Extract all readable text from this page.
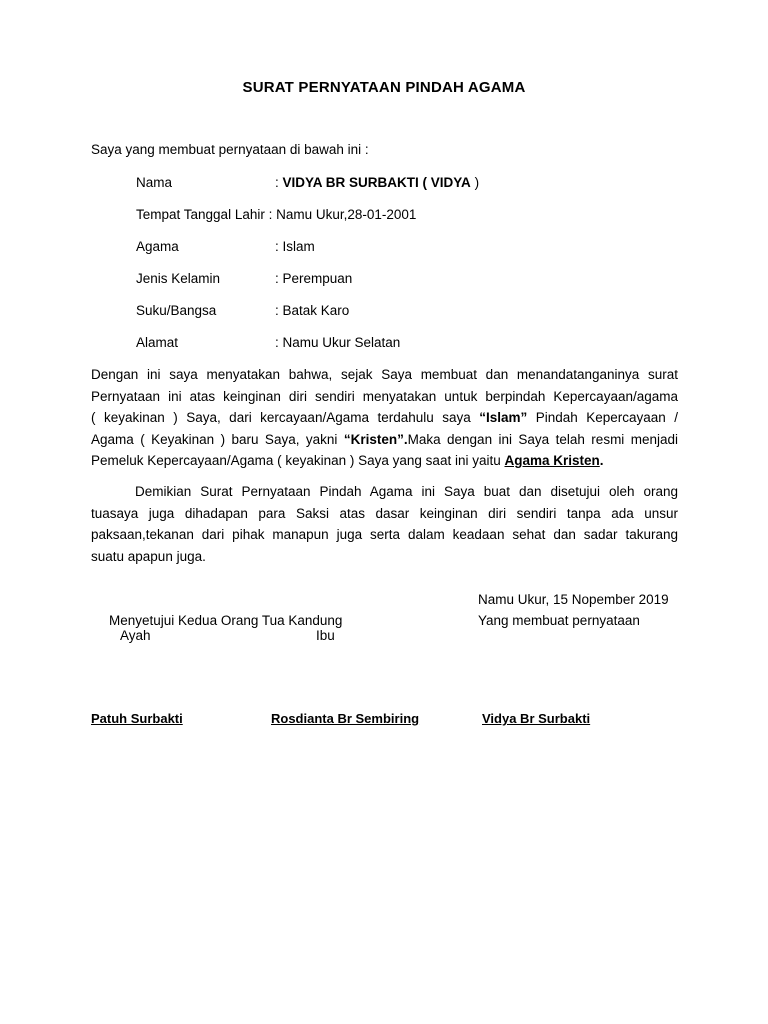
SURAT PERNYATAAN PINDAH AGAMA
Saya yang membuat pernyataan di bawah ini :
Nama	: VIDYA BR SURBAKTI ( VIDYA )
Tempat Tanggal Lahir : Namu Ukur,28-01-2001
Agama	: Islam
Jenis Kelamin	: Perempuan
Suku/Bangsa	: Batak Karo
Alamat	: Namu Ukur Selatan
Dengan ini saya menyatakan bahwa, sejak Saya membuat dan menandatanganinya surat
Pernyataan ini atas keinginan diri sendiri menyatakan untuk berpindah Kepercayaan/agama
( keyakinan ) Saya, dari kercayaan/Agama terdahulu saya “Islam” Pindah Kepercayaan /
Agama ( Keyakinan ) baru Saya, yakni “Kristen”.Maka dengan ini Saya telah resmi menjadi
Pemeluk Kepercayaan/Agama ( keyakinan ) Saya yang saat ini yaitu Agama Kristen.
Demikian Surat Pernyataan Pindah Agama ini Saya buat dan disetujui oleh orang
tuasaya juga dihadapan para Saksi atas dasar keinginan diri sendiri tanpa ada unsur
paksaan,tekanan dari pihak manapun juga serta dalam keadaan sehat dan sadar takurang
suatu apapun juga.
Namu Ukur, 15 Nopember 2019
Menyetujui Kedua Orang Tua Kandung	Yang membuat pernyataan
Ayah	Ibu
Patuh Surbakti	Rosdianta Br Sembiring	Vidya Br Surbakti
